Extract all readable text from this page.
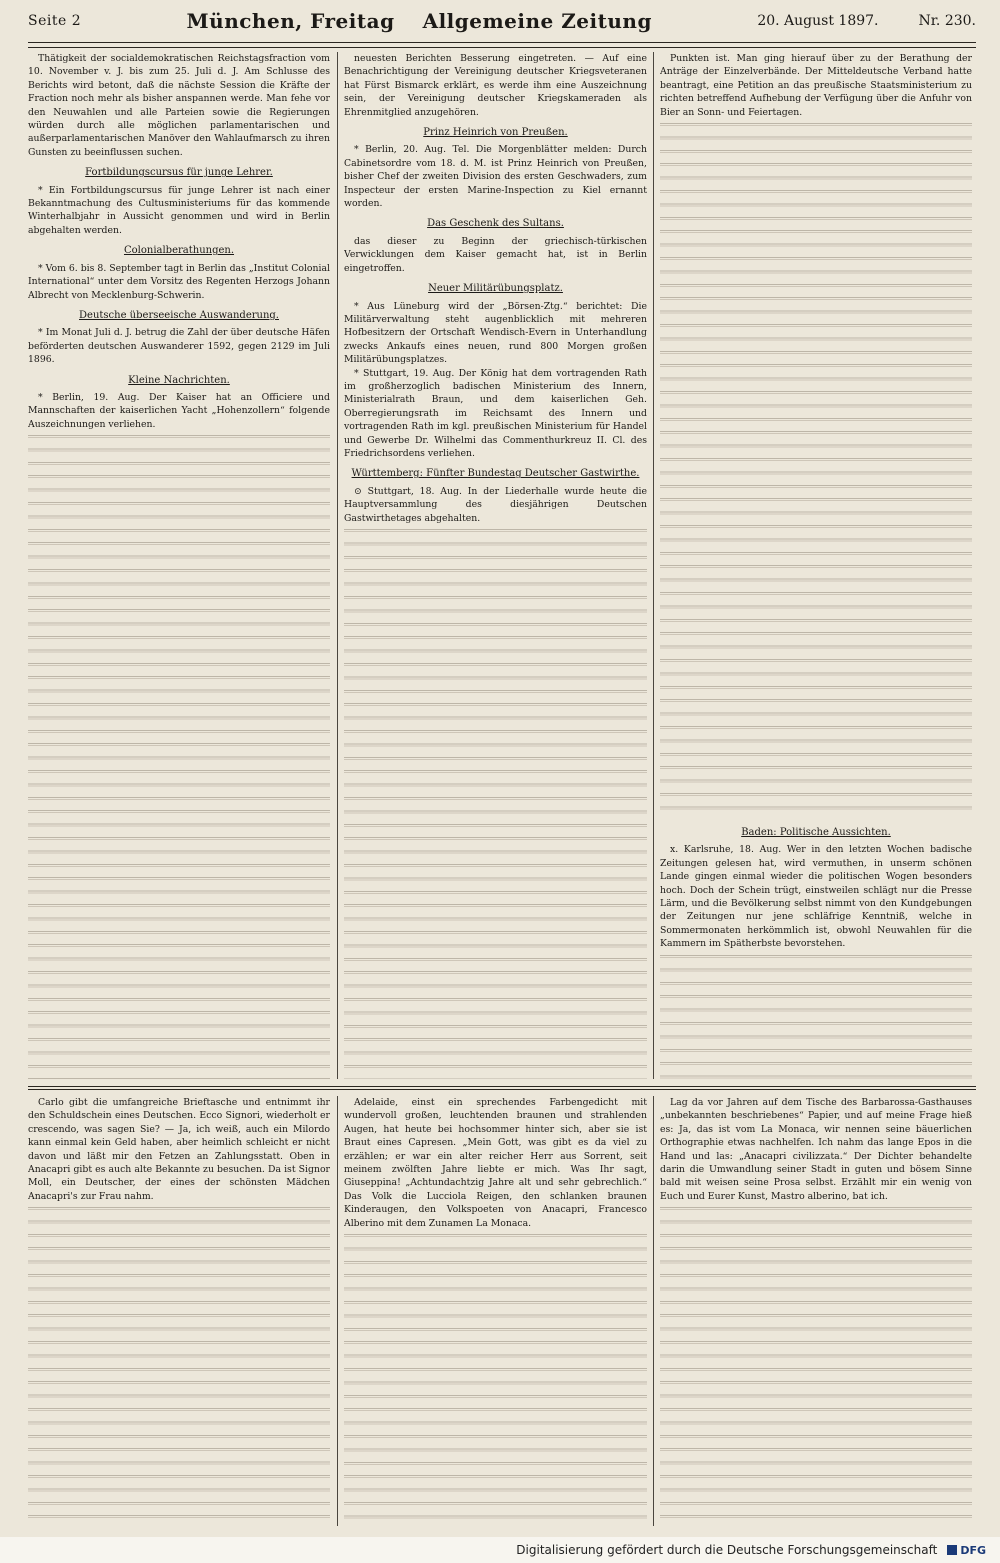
Seite 2	München, Freitag Allgemeine Zeitung	20. August 1897.	Nr. 230.

Thätigkeit der socialdemokratischen Reichstagsfraction vom 10. November v. J. bis zum 25. Juli d. J. Am Schlusse des Berichts wird betont, daß die nächste Session die Kräfte der Fraction noch mehr als bisher anspannen werde. Man fehe vor den Neuwahlen und alle Parteien sowie die Regierungen würden durch alle möglichen parlamentarischen und außerparlamentarischen Manöver den Wahlaufmarsch zu ihren Gunsten zu beeinflussen suchen.

Fortbildungscursus für junge Lehrer.

* Ein Fortbildungscursus für junge Lehrer ist nach einer Bekanntmachung des Cultusministeriums für das kommende Winterhalbjahr in Aussicht genommen und wird in Berlin abgehalten werden.

Colonialberathungen.

* Vom 6. bis 8. September tagt in Berlin das „Institut Colonial International“ unter dem Vorsitz des Regenten Herzogs Johann Albrecht von Mecklenburg-Schwerin.

Deutsche überseeische Auswanderung.

* Im Monat Juli d. J. betrug die Zahl der über deutsche Häfen beförderten deutschen Auswanderer 1592, gegen 2129 im Juli 1896.

Kleine Nachrichten.

* Berlin, 19. Aug. Der Kaiser hat an Officiere und Mannschaften der kaiserlichen Yacht „Hohenzollern“ folgende Auszeichnungen verliehen.

neuesten Berichten Besserung eingetreten. — Auf eine Benachrichtigung der Vereinigung deutscher Kriegsveteranen hat Fürst Bismarck erklärt, es werde ihm eine Auszeichnung sein, der Vereinigung deutscher Kriegskameraden als Ehrenmitglied anzugehören.

Prinz Heinrich von Preußen.

* Berlin, 20. Aug. Tel. Die Morgenblätter melden: Durch Cabinetsordre vom 18. d. M. ist Prinz Heinrich von Preußen, bisher Chef der zweiten Division des ersten Geschwaders, zum Inspecteur der ersten Marine-Inspection zu Kiel ernannt worden.

Das Geschenk des Sultans.

das dieser zu Beginn der griechisch-türkischen Verwicklungen dem Kaiser gemacht hat, ist in Berlin eingetroffen.

Neuer Militärübungsplatz.

* Aus Lüneburg wird der „Börsen-Ztg.“ berichtet: Die Militärverwaltung steht augenblicklich mit mehreren Hofbesitzern der Ortschaft Wendisch-Evern in Unterhandlung zwecks Ankaufs eines neuen, rund 800 Morgen großen Militärübungsplatzes.

* Stuttgart, 19. Aug. Der König hat dem vortragenden Rath im großherzoglich badischen Ministerium des Innern, Ministerialrath Braun, und dem kaiserlichen Geh. Oberregierungsrath im Reichsamt des Innern und vortragenden Rath im kgl. preußischen Ministerium für Handel und Gewerbe Dr. Wilhelmi das Commenthurkreuz II. Cl. des Friedrichsordens verliehen.

Württemberg: Fünfter Bundestag Deutscher Gastwirthe.

⊙ Stuttgart, 18. Aug. In der Liederhalle wurde heute die Hauptversammlung des diesjährigen Deutschen Gastwirthetages abgehalten.

Punkten ist. Man ging hierauf über zu der Berathung der Anträge der Einzelverbände. Der Mitteldeutsche Verband hatte beantragt, eine Petition an das preußische Staatsministerium zu richten betreffend Aufhebung der Verfügung über die Anfuhr von Bier an Sonn- und Feiertagen.

Baden: Politische Aussichten.

x. Karlsruhe, 18. Aug. Wer in den letzten Wochen badische Zeitungen gelesen hat, wird vermuthen, in unserm schönen Lande gingen einmal wieder die politischen Wogen besonders hoch. Doch der Schein trügt, einstweilen schlägt nur die Presse Lärm, und die Bevölkerung selbst nimmt von den Kundgebungen der Zeitungen nur jene schläfrige Kenntniß, welche in Sommermonaten herkömmlich ist, obwohl Neuwahlen für die Kammern im Spätherbste bevorstehen.

Carlo gibt die umfangreiche Brieftasche und entnimmt ihr den Schuldschein eines Deutschen. Ecco Signori, wiederholt er crescendo, was sagen Sie? — Ja, ich weiß, auch ein Milordo kann einmal kein Geld haben, aber heimlich schleicht er nicht davon und läßt mir den Fetzen an Zahlungsstatt. Oben in Anacapri gibt es auch alte Bekannte zu besuchen. Da ist Signor Moll, ein Deutscher, der eines der schönsten Mädchen Anacapri's zur Frau nahm.

Adelaide, einst ein sprechendes Farbengedicht mit wundervoll großen, leuchtenden braunen und strahlenden Augen, hat heute bei hochsommer hinter sich, aber sie ist Braut eines Capresen. „Mein Gott, was gibt es da viel zu erzählen; er war ein alter reicher Herr aus Sorrent, seit meinem zwölften Jahre liebte er mich. Was Ihr sagt, Giuseppina! „Achtundachtzig Jahre alt und sehr gebrechlich.“ Das Volk die Lucciola Reigen, den schlanken braunen Kinderaugen, den Volkspoeten von Anacapri, Francesco Alberino mit dem Zunamen La Monaca.

Lag da vor Jahren auf dem Tische des Barbarossa-Gasthauses „unbekannten beschriebenes“ Papier, und auf meine Frage hieß es: Ja, das ist vom La Monaca, wir nennen seine bäuerlichen Orthographie etwas nachhelfen. Ich nahm das lange Epos in die Hand und las: „Anacapri civilizzata.“ Der Dichter behandelte darin die Umwandlung seiner Stadt in guten und bösem Sinne bald mit weisen seine Prosa selbst. Erzählt mir ein wenig von Euch und Eurer Kunst, Mastro alberino, bat ich.

Digitalisierung gefördert durch die Deutsche Forschungsgemeinschaft DFG
